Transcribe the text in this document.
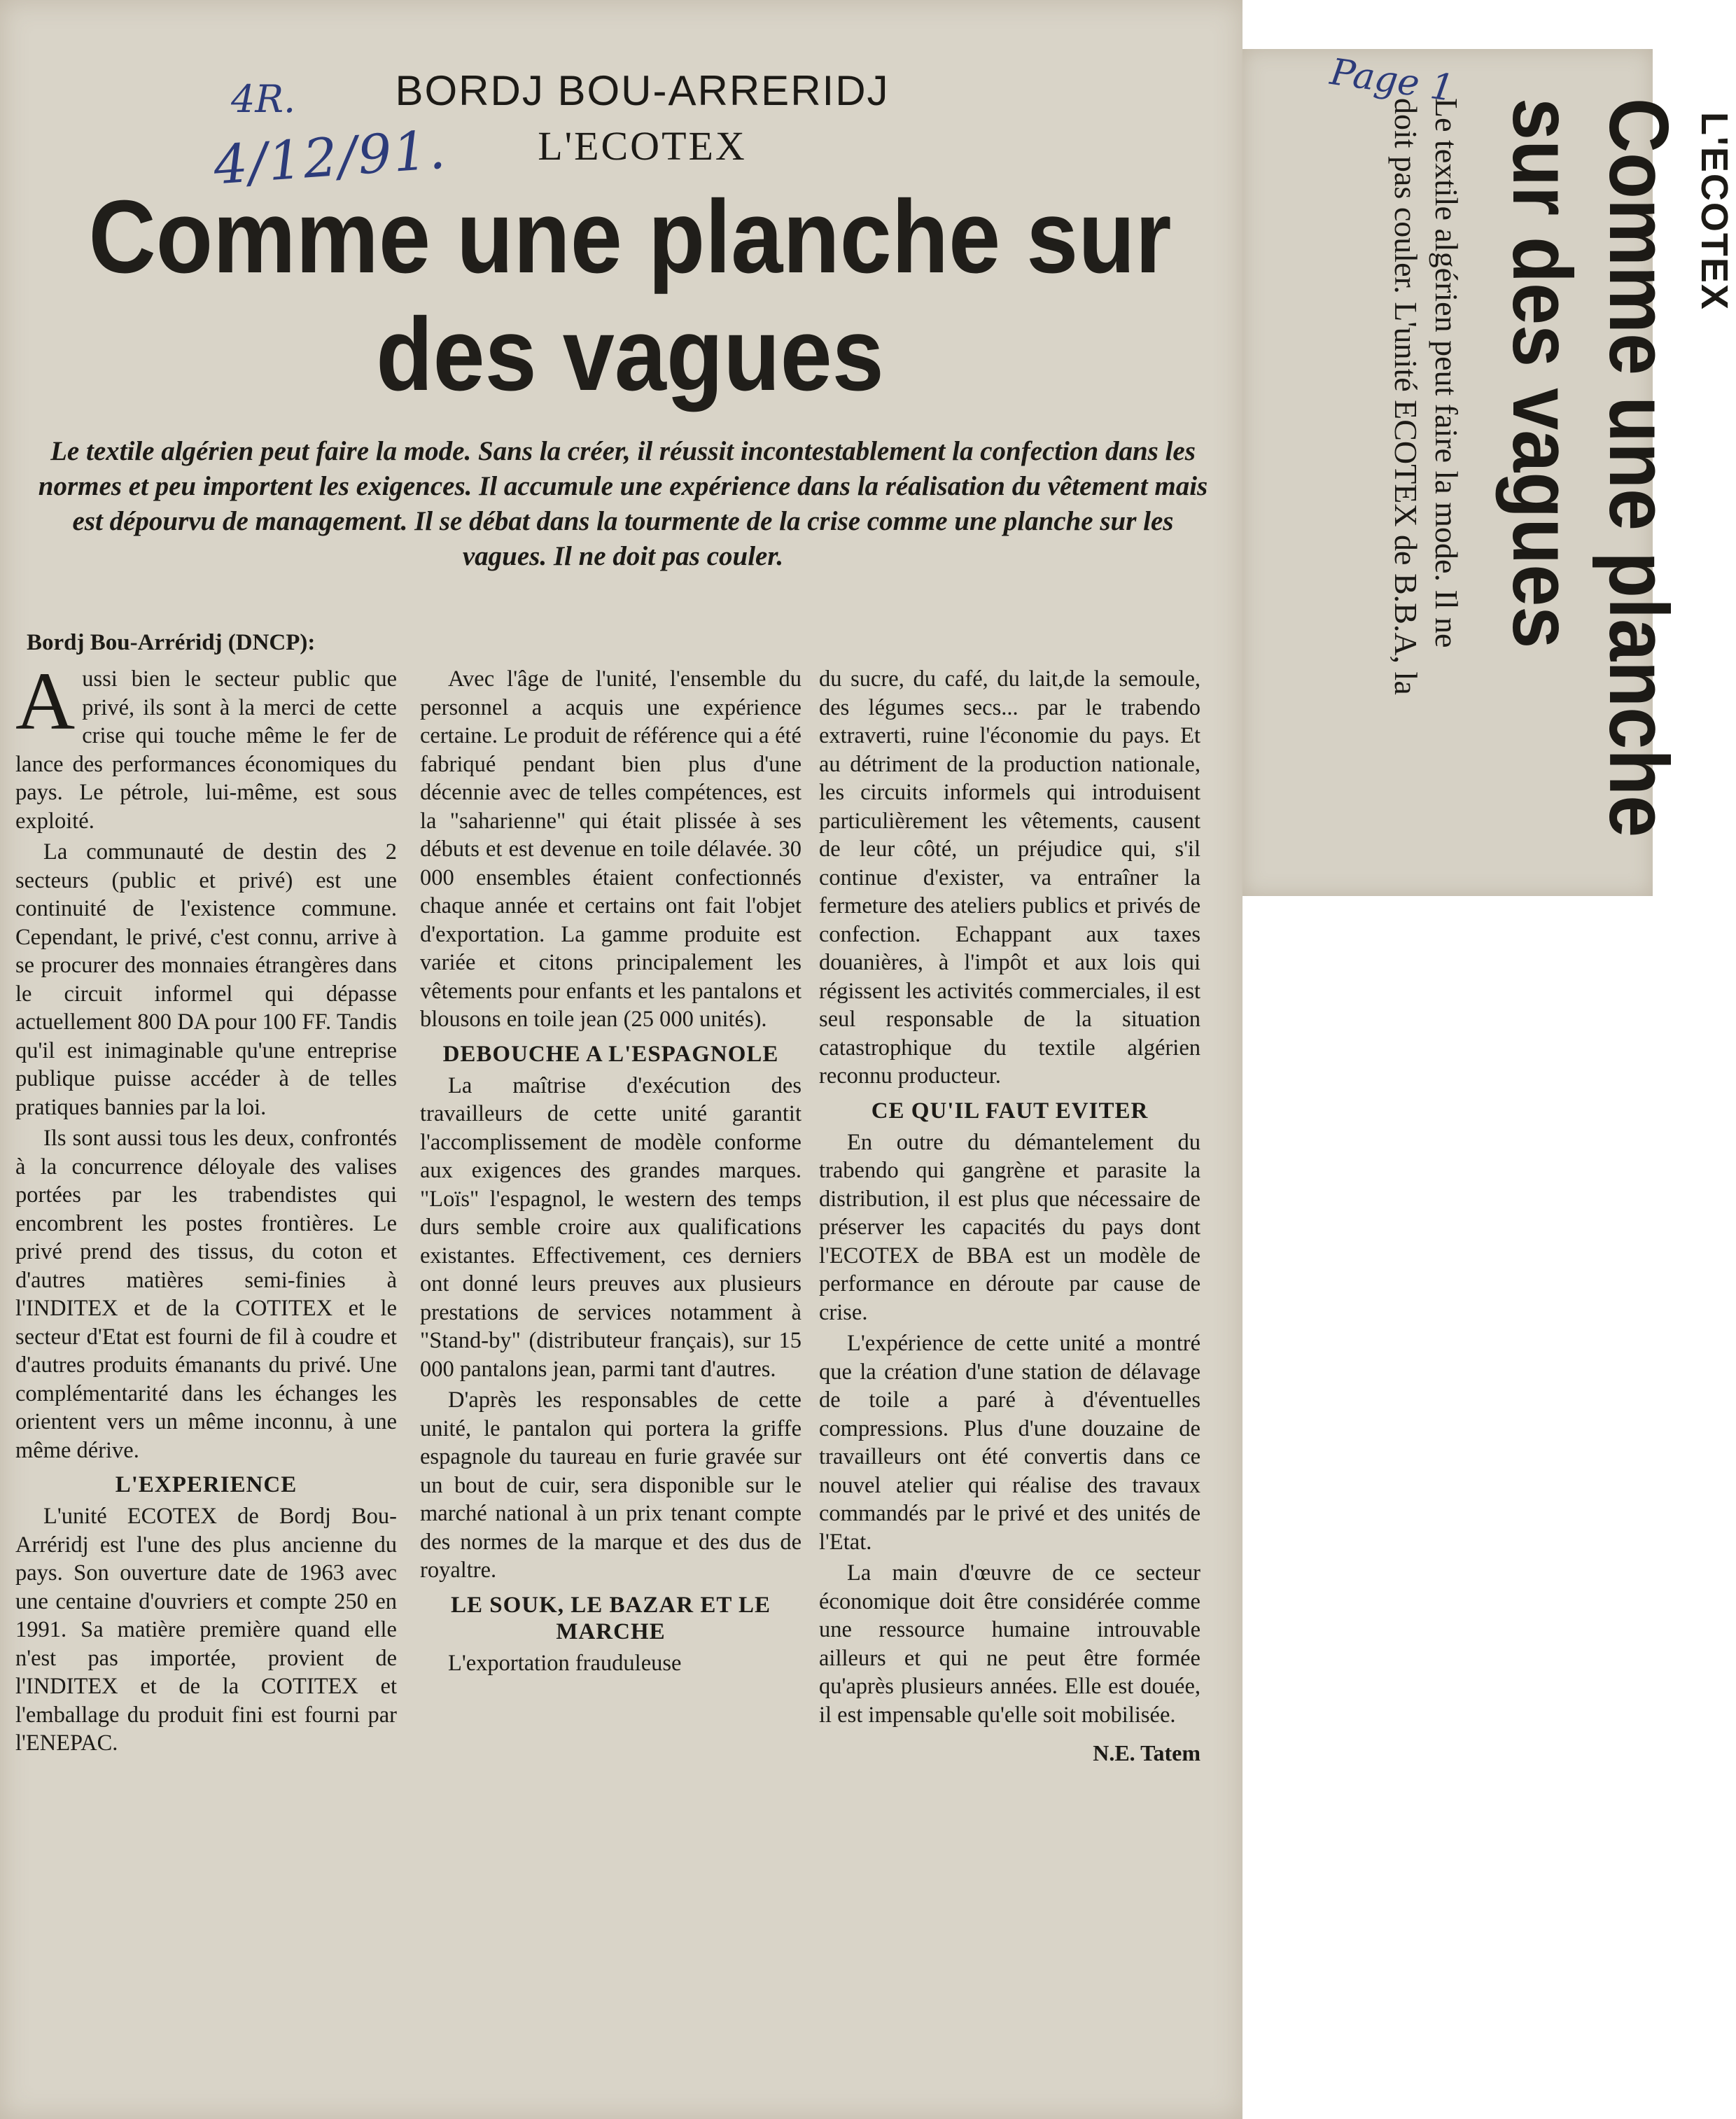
4R.
4/12/91.
Page 1
BORDJ BOU-ARRERIDJ
L'ECOTEX
Comme une planche sur des vagues

Le textile algérien peut faire la mode. Sans la créer, il réussit incontestablement la confection dans les normes et peu importent les exigences. Il accumule une expérience dans la réalisation du vêtement mais est dépourvu de management. Il se débat dans la tourmente de la crise comme une planche sur les vagues. Il ne doit pas couler.

Bordj Bou-Arréridj (DNCP):

Aussi bien le secteur public que privé, ils sont à la merci de cette crise qui touche même le fer de lance des performances économiques du pays. Le pétrole, lui-même, est sous exploité.

La communauté de destin des 2 secteurs (public et privé) est une continuité de l'existence commune. Cependant, le privé, c'est connu, arrive à se procurer des monnaies étrangères dans le circuit informel qui dépasse actuellement 800 DA pour 100 FF. Tandis qu'il est inimaginable qu'une entreprise publique puisse accéder à de telles pratiques bannies par la loi.

Ils sont aussi tous les deux, confrontés à la concurrence déloyale des valises portées par les trabendistes qui encombrent les postes frontières. Le privé prend des tissus, du coton et d'autres matières semi-finies à l'INDITEX et de la COTITEX et le secteur d'Etat est fourni de fil à coudre et d'autres produits émanants du privé. Une complémentarité dans les échanges les orientent vers un même inconnu, à une même dérive.

L'EXPERIENCE

L'unité ECOTEX de Bordj Bou-Arréridj est l'une des plus ancienne du pays. Son ouverture date de 1963 avec une centaine d'ouvriers et compte 250 en 1991. Sa matière première quand elle n'est pas importée, provient de l'INDITEX et de la COTITEX et l'emballage du produit fini est fourni par l'ENEPAC.

Avec l'âge de l'unité, l'ensemble du personnel a acquis une expérience certaine. Le produit de référence qui a été fabriqué pendant bien plus d'une décennie avec de telles compétences, est la "saharienne" qui était plissée à ses débuts et est devenue en toile délavée. 30 000 ensembles étaient confectionnés chaque année et certains ont fait l'objet d'exportation. La gamme produite est variée et citons principalement les vêtements pour enfants et les pantalons et blousons en toile jean (25 000 unités).

DEBOUCHE A L'ESPAGNOLE

La maîtrise d'exécution des travailleurs de cette unité garantit l'accomplissement de modèle conforme aux exigences des grandes marques. "Loïs" l'espagnol, le western des temps durs semble croire aux qualifications existantes. Effectivement, ces derniers ont donné leurs preuves aux plusieurs prestations de services notamment à "Stand-by" (distributeur français), sur 15 000 pantalons jean, parmi tant d'autres.

D'après les responsables de cette unité, le pantalon qui portera la griffe espagnole du taureau en furie gravée sur un bout de cuir, sera disponible sur le marché national à un prix tenant compte des normes de la marque et des dus de royaltre.

LE SOUK, LE BAZAR ET LE MARCHE

L'exportation frauduleuse

du sucre, du café, du lait,de la semoule, des légumes secs... par le trabendo extraverti, ruine l'économie du pays. Et au détriment de la production nationale, les circuits informels qui introduisent particulièrement les vêtements, causent de leur côté, un préjudice qui, s'il continue d'exister, va entraîner la fermeture des ateliers publics et privés de confection. Echappant aux taxes douanières, à l'impôt et aux lois qui régissent les activités commerciales, il est seul responsable de la situation catastrophique du textile algérien reconnu producteur.

CE QU'IL FAUT EVITER

En outre du démantelement du trabendo qui gangrène et parasite la distribution, il est plus que nécessaire de préserver les capacités du pays dont l'ECOTEX de BBA est un modèle de performance en déroute par cause de crise.

L'expérience de cette unité a montré que la création d'une station de délavage de toile a paré à d'éventuelles compressions. Plus d'une douzaine de travailleurs ont été convertis dans ce nouvel atelier qui réalise des travaux commandés par le privé et des unités de l'Etat.

La main d'œuvre de ce secteur économique doit être considérée comme une ressource humaine introuvable ailleurs et qui ne peut être formée qu'après plusieurs années. Elle est douée, il est impensable qu'elle soit mobilisée.

N.E. Tatem

L'ECOTEX

Comme une planche
sur des vagues
Le textile algérien peut faire la mode. Il ne
doit pas couler. L'unité ECOTEX de B.B.A, la
